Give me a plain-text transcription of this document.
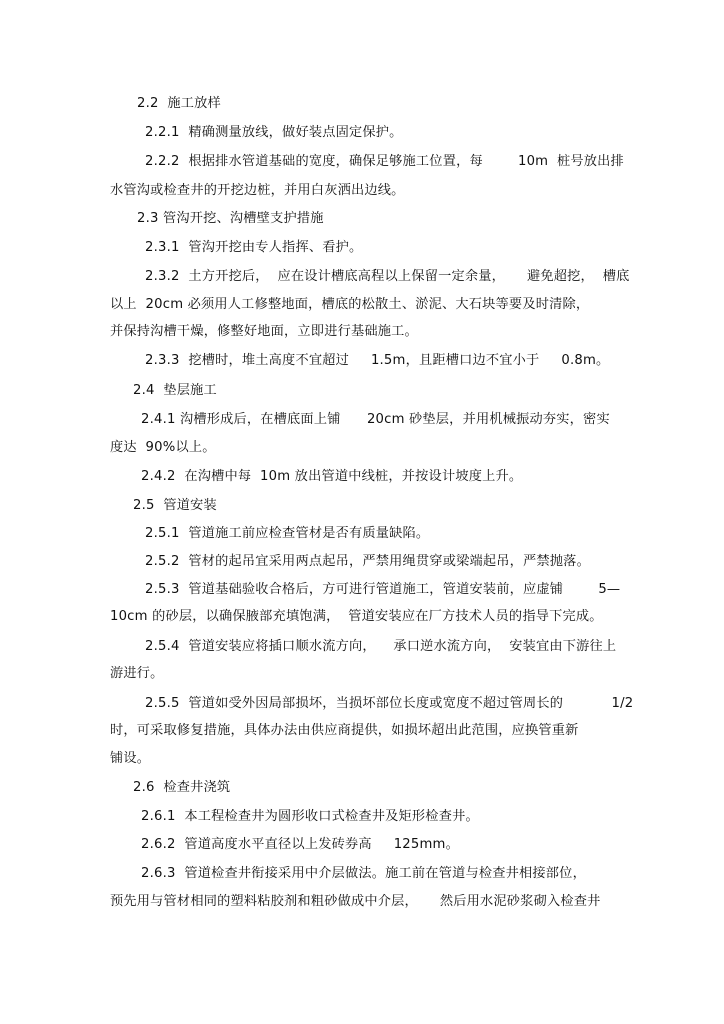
2.2  施工放样
2.2.1  精确测量放线，做好装点固定保护。
2.2.2  根据排水管道基础的宽度，确保足够施工位置，每        10m  桩号放出排
水管沟或检查井的开挖边桩，并用白灰洒出边线。
2.3 管沟开挖、沟槽壁支护措施
2.3.1  管沟开挖由专人指挥、看护。
2.3.2  土方开挖后，  应在设计槽底高程以上保留一定余量，     避免超挖，  槽底
以上  20cm 必须用人工修整地面，槽底的松散土、淤泥、大石块等要及时清除，
并保持沟槽干燥，修整好地面，立即进行基础施工。
2.3.3  挖槽时，堆土高度不宜超过     1.5m，且距槽口边不宜小于     0.8m。
2.4  垫层施工
2.4.1 沟槽形成后，在槽底面上铺      20cm 砂垫层，并用机械振动夯实，密实
度达  90%以上。
2.4.2  在沟槽中每  10m 放出管道中线桩，并按设计坡度上升。
2.5  管道安装
2.5.1  管道施工前应检查管材是否有质量缺陷。
2.5.2  管材的起吊宜采用两点起吊，严禁用绳贯穿或梁端起吊，严禁抛落。
2.5.3  管道基础验收合格后，方可进行管道施工，管道安装前，应虚铺        5—
10cm 的砂层，以确保腋部充填饱满，  管道安装应在厂方技术人员的指导下完成。
2.5.4  管道安装应将插口顺水流方向，    承口逆水流方向，  安装宜由下游往上
游进行。
2.5.5  管道如受外因局部损坏，当损坏部位长度或宽度不超过管周长的           1/2
时，可采取修复措施，具体办法由供应商提供，如损坏超出此范围，应换管重新
铺设。
2.6  检查井浇筑
2.6.1  本工程检查井为圆形收口式检查井及矩形检查井。
2.6.2  管道高度水平直径以上发砖券高     125mm。
2.6.3  管道检查井衔接采用中介层做法。施工前在管道与检查井相接部位，
预先用与管材相同的塑料粘胶剂和粗砂做成中介层，     然后用水泥砂浆砌入检查井
